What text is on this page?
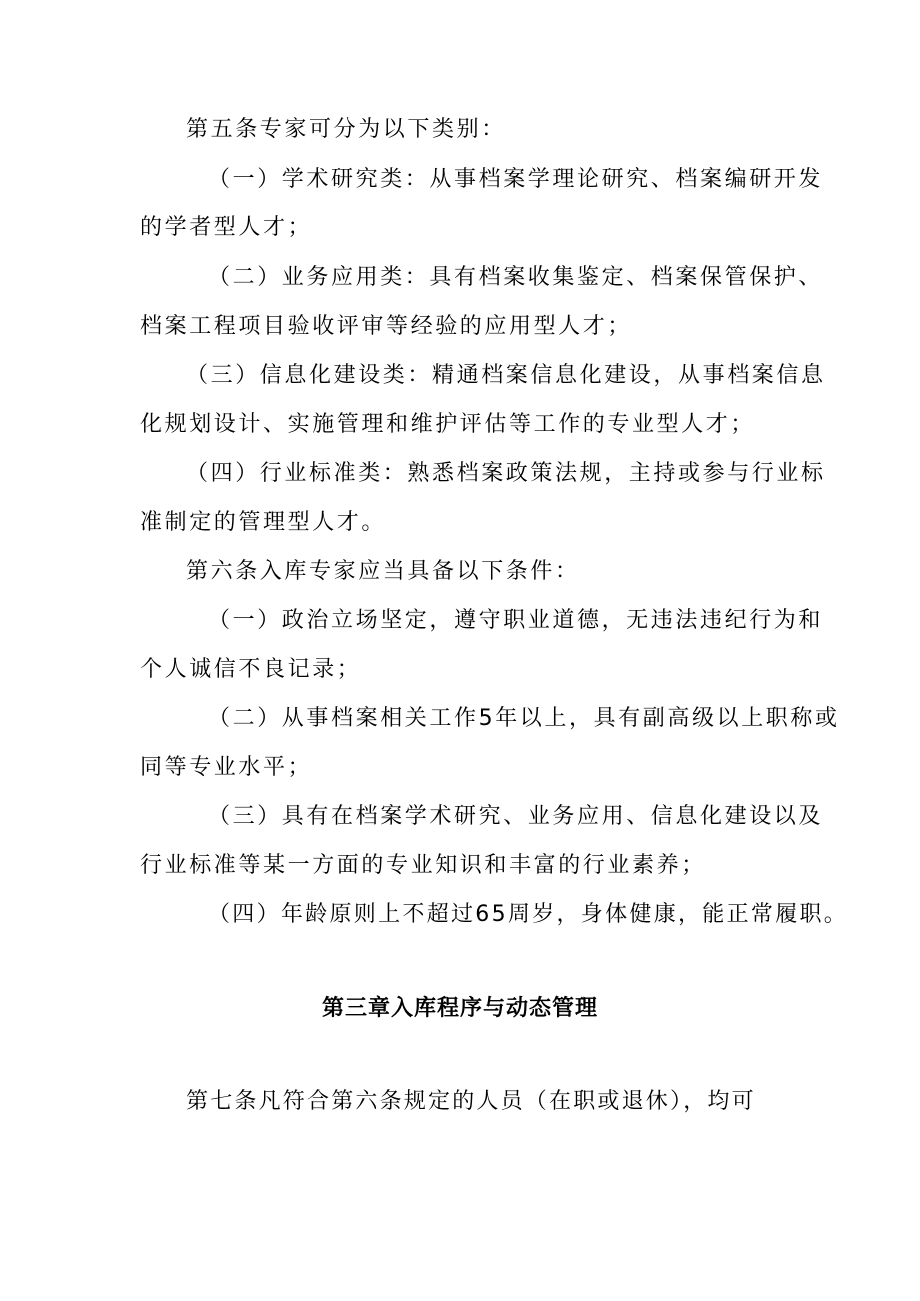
第五条专家可分为以下类别：
（一）学术研究类：从事档案学理论研究、档案编研开发
的学者型人才；
（二）业务应用类：具有档案收集鉴定、档案保管保护、
档案工程项目验收评审等经验的应用型人才；
（三）信息化建设类：精通档案信息化建设，从事档案信息
化规划设计、实施管理和维护评估等工作的专业型人才；
（四）行业标准类：熟悉档案政策法规，主持或参与行业标
准制定的管理型人才。
第六条入库专家应当具备以下条件：
（一）政治立场坚定，遵守职业道德，无违法违纪行为和
个人诚信不良记录；
（二）从事档案相关工作5年以上，具有副高级以上职称或
同等专业水平；
（三）具有在档案学术研究、业务应用、信息化建设以及
行业标准等某一方面的专业知识和丰富的行业素养；
（四）年龄原则上不超过65周岁，身体健康，能正常履职。
第三章入库程序与动态管理
第七条凡符合第六条规定的人员（在职或退休），均可
